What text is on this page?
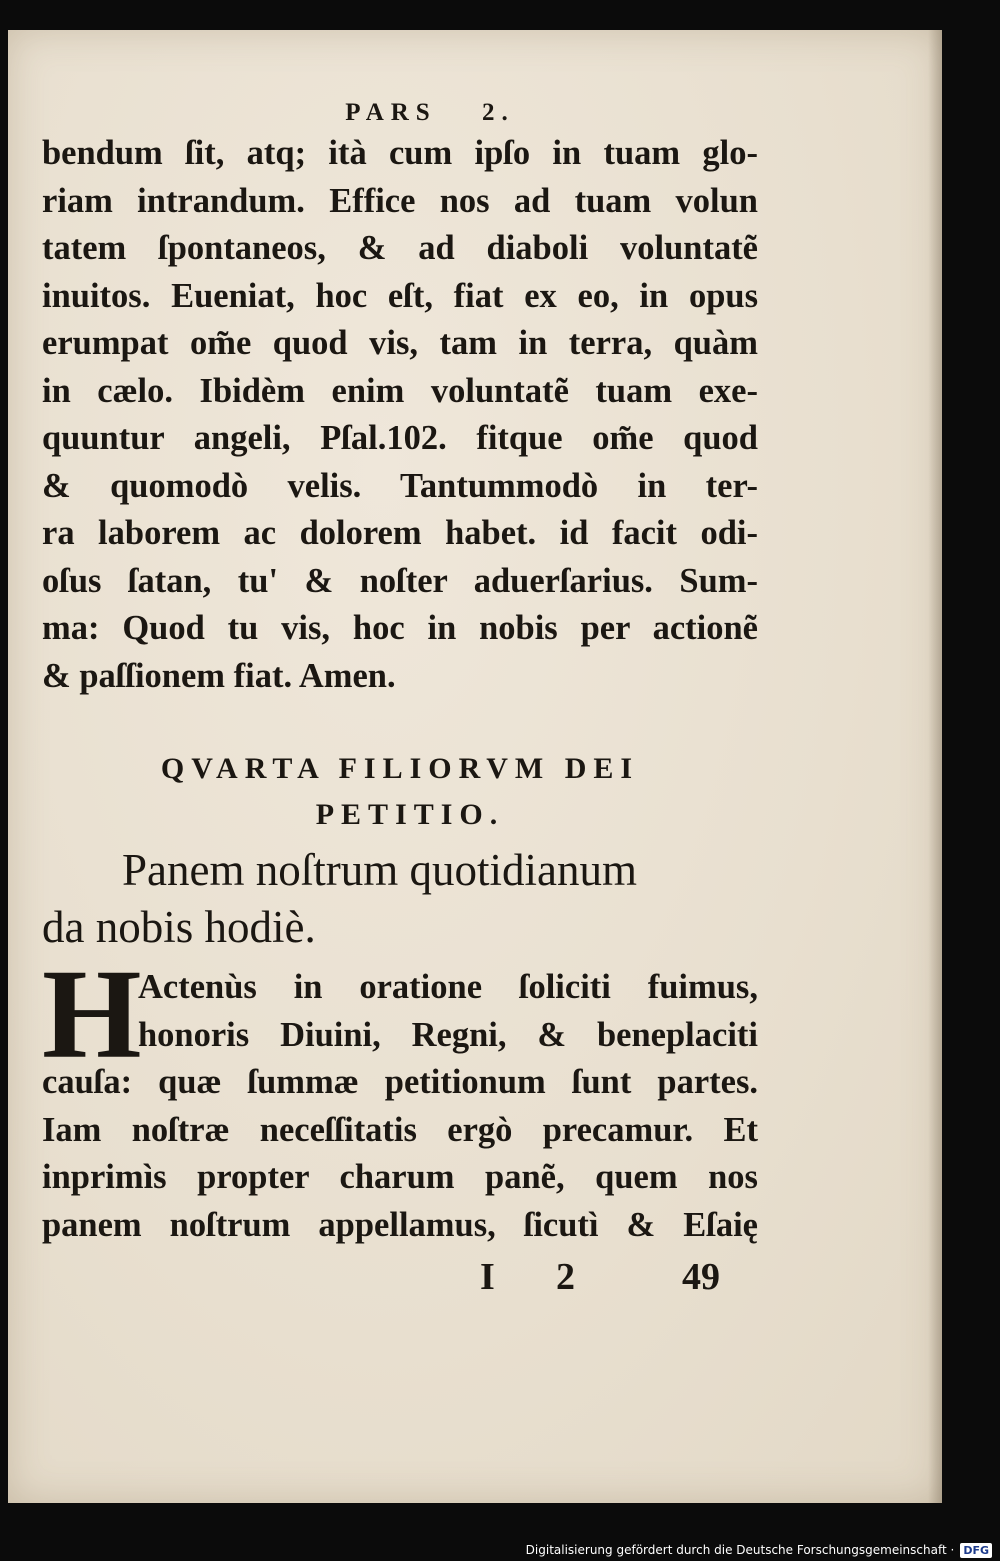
PARS 2.
bendum ſit, atq; ità cum ipſo in tuam glo-
riam intrandum. Effice nos ad tuam volun
tatem ſpontaneos, & ad diaboli voluntatẽ
inuitos. Eueniat, hoc eſt, fiat ex eo, in opus
erumpat om̃e quod vis, tam in terra, quàm
in cælo. Ibidèm enim voluntatẽ tuam exe-
quuntur angeli, Pſal.102. fitque om̃e quod
& quomodò velis. Tantummodò in ter-
ra laborem ac dolorem habet. id facit odi-
oſus ſatan, tu' & noſter aduerſarius. Sum-
ma: Quod tu vis, hoc in nobis per actionẽ
& paſſionem fiat. Amen.
QVARTA FILIORVM DEI
PETITIO.
Panem noſtrum quotidianum
da nobis hodiè.
H
Actenùs in oratione ſoliciti fuimus,
honoris Diuini, Regni, & beneplaciti
cauſa: quæ ſummæ petitionum ſunt partes.
Iam noſtræ neceſſitatis ergò precamur. Et
inprimìs propter charum panẽ, quem nos
panem noſtrum appellamus, ſicutì & Eſaię
I 2	49
Digitalisierung gefördert durch die Deutsche Forschungsgemeinschaft · DFG
